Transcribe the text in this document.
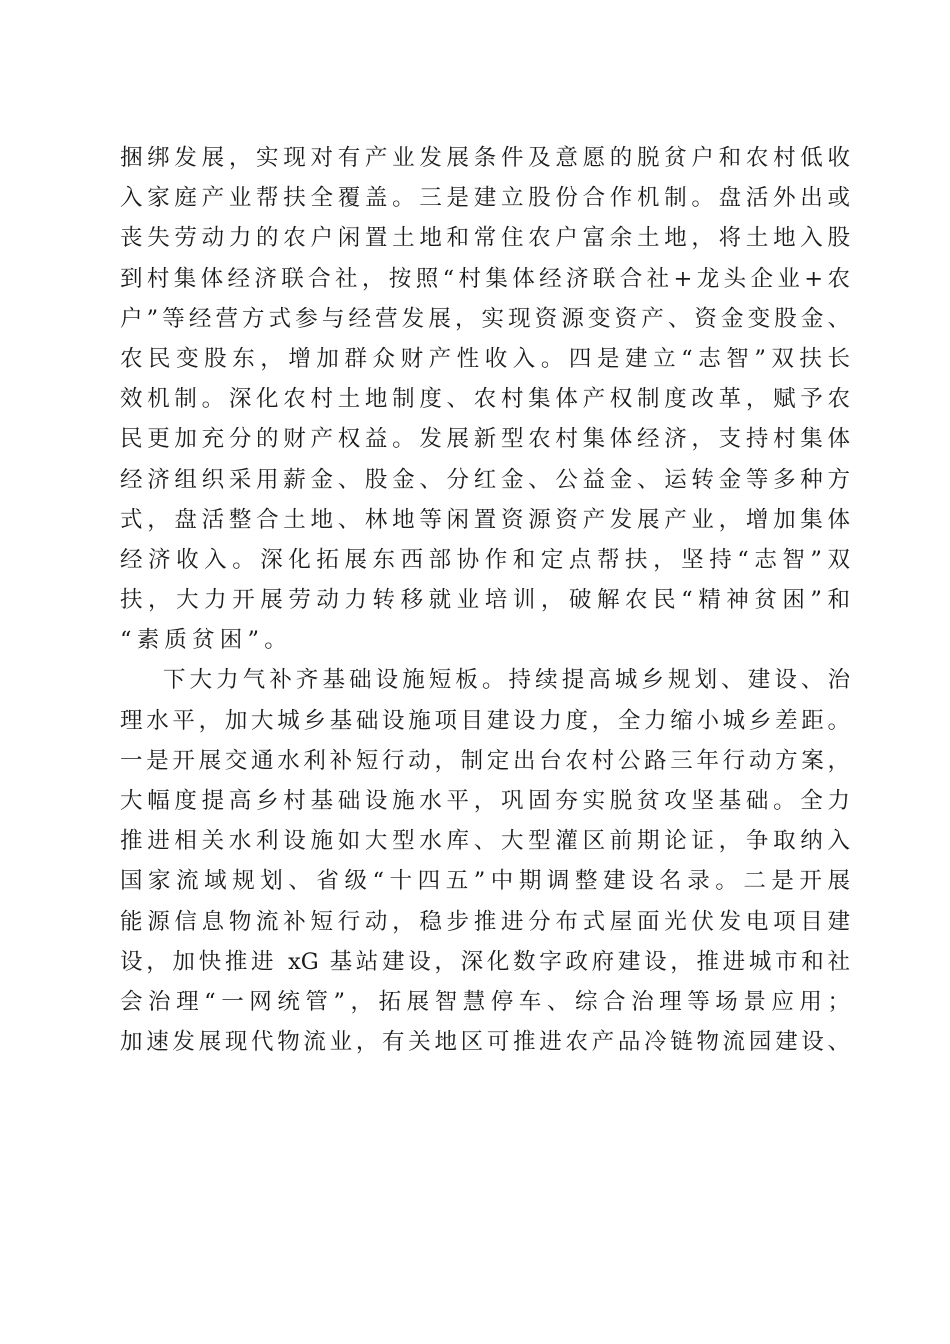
捆绑发展，实现对有产业发展条件及意愿的脱贫户和农村低收
入家庭产业帮扶全覆盖。三是建立股份合作机制。盘活外出或
丧失劳动力的农户闲置土地和常住农户富余土地，将土地入股
到村集体经济联合社，按照“村集体经济联合社+龙头企业+农
户”等经营方式参与经营发展，实现资源变资产、资金变股金、
农民变股东，增加群众财产性收入。四是建立“志智”双扶长
效机制。深化农村土地制度、农村集体产权制度改革，赋予农
民更加充分的财产权益。发展新型农村集体经济，支持村集体
经济组织采用薪金、股金、分红金、公益金、运转金等多种方
式，盘活整合土地、林地等闲置资源资产发展产业，增加集体
经济收入。深化拓展东西部协作和定点帮扶，坚持“志智”双
扶，大力开展劳动力转移就业培训，破解农民“精神贫困”和
“素质贫困”。
下大力气补齐基础设施短板。持续提高城乡规划、建设、治
理水平，加大城乡基础设施项目建设力度，全力缩小城乡差距。
一是开展交通水利补短行动，制定出台农村公路三年行动方案，
大幅度提高乡村基础设施水平，巩固夯实脱贫攻坚基础。全力
推进相关水利设施如大型水库、大型灌区前期论证，争取纳入
国家流域规划、省级“十四五”中期调整建设名录。二是开展
能源信息物流补短行动，稳步推进分布式屋面光伏发电项目建
设，加快推进 xG 基站建设，深化数字政府建设，推进城市和社
会治理“一网统管”，拓展智慧停车、综合治理等场景应用；
加速发展现代物流业，有关地区可推进农产品冷链物流园建设、
